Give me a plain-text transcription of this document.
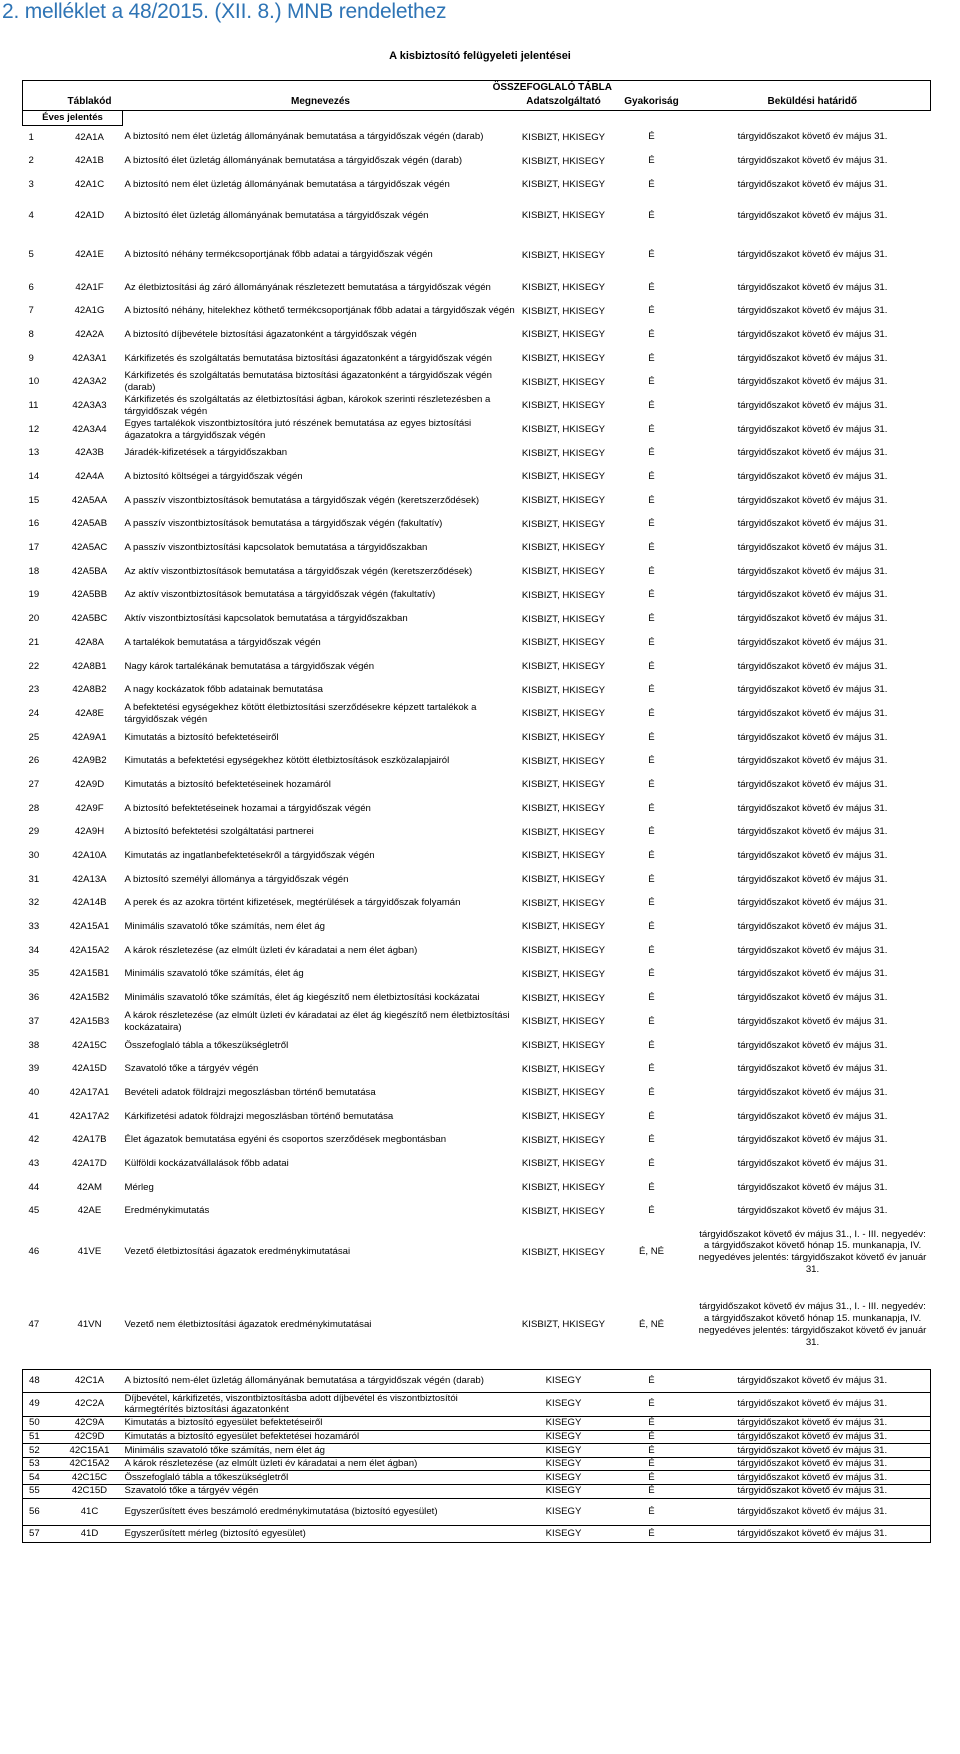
2. melléklet a 48/2015. (XII. 8.) MNB rendelethez
A kisbiztosító felügyeleti jelentései
ÖSSZEFOGLALÓ TÁBLA					
	Táblakód	Megnevezés	Adatszolgáltató	Gyakoriság	Beküldési határidő
Éves jelentés					
1	42A1A	A biztosító nem élet üzletág állományának bemutatása a tárgyidőszak végén (darab)	KISBIZT, HKISEGY	É	tárgyidőszakot követő év május 31.
2	42A1B	A biztosító élet üzletág állományának bemutatása a tárgyidőszak végén (darab)	KISBIZT, HKISEGY	É	tárgyidőszakot követő év május 31.
3	42A1C	A biztosító nem élet üzletág állományának bemutatása a tárgyidőszak végén	KISBIZT, HKISEGY	É	tárgyidőszakot követő év május 31.
4	42A1D	A biztosító élet üzletág állományának bemutatása a tárgyidőszak végén	KISBIZT, HKISEGY	É	tárgyidőszakot követő év május 31.
5	42A1E	A biztosító néhány termékcsoportjának főbb adatai a tárgyidőszak végén	KISBIZT, HKISEGY	É	tárgyidőszakot követő év május 31.
6	42A1F	Az életbiztosítási ág záró állományának részletezett bemutatása a tárgyidőszak végén	KISBIZT, HKISEGY	É	tárgyidőszakot követő év május 31.
7	42A1G	A biztosító néhány, hitelekhez köthető termékcsoportjának főbb adatai a tárgyidőszak végén	KISBIZT, HKISEGY	É	tárgyidőszakot követő év május 31.
8	42A2A	A biztosító díjbevétele biztosítási ágazatonként a tárgyidőszak végén	KISBIZT, HKISEGY	É	tárgyidőszakot követő év május 31.
9	42A3A1	Kárkifizetés és szolgáltatás bemutatása biztosítási ágazatonként a tárgyidőszak végén	KISBIZT, HKISEGY	É	tárgyidőszakot követő év május 31.
10	42A3A2	Kárkifizetés és szolgáltatás bemutatása biztosítási ágazatonként a tárgyidőszak végén (darab)	KISBIZT, HKISEGY	É	tárgyidőszakot követő év május 31.
11	42A3A3	Kárkifizetés és szolgáltatás az életbiztosítási ágban, károkok szerinti részletezésben a tárgyidőszak végén	KISBIZT, HKISEGY	É	tárgyidőszakot követő év május 31.
12	42A3A4	Egyes tartalékok viszontbiztosítóra jutó részének bemutatása az egyes biztosítási ágazatokra a tárgyidőszak végén	KISBIZT, HKISEGY	É	tárgyidőszakot követő év május 31.
13	42A3B	Járadék-kifizetések a tárgyidőszakban	KISBIZT, HKISEGY	É	tárgyidőszakot követő év május 31.
14	42A4A	A biztosító költségei a tárgyidőszak végén	KISBIZT, HKISEGY	É	tárgyidőszakot követő év május 31.
15	42A5AA	A passzív viszontbiztosítások bemutatása a tárgyidőszak végén (keretszerződések)	KISBIZT, HKISEGY	É	tárgyidőszakot követő év május 31.
16	42A5AB	A passzív viszontbiztosítások bemutatása a tárgyidőszak végén (fakultatív)	KISBIZT, HKISEGY	É	tárgyidőszakot követő év május 31.
17	42A5AC	A passzív viszontbiztosítási kapcsolatok bemutatása a tárgyidőszakban	KISBIZT, HKISEGY	É	tárgyidőszakot követő év május 31.
18	42A5BA	Az aktív viszontbiztosítások bemutatása a tárgyidőszak végén (keretszerződések)	KISBIZT, HKISEGY	É	tárgyidőszakot követő év május 31.
19	42A5BB	Az aktív viszontbiztosítások bemutatása a tárgyidőszak végén (fakultatív)	KISBIZT, HKISEGY	É	tárgyidőszakot követő év május 31.
20	42A5BC	Aktív viszontbiztosítási kapcsolatok bemutatása a tárgyidőszakban	KISBIZT, HKISEGY	É	tárgyidőszakot követő év május 31.
21	42A8A	A tartalékok bemutatása a tárgyidőszak végén	KISBIZT, HKISEGY	É	tárgyidőszakot követő év május 31.
22	42A8B1	Nagy károk tartalékának bemutatása a tárgyidőszak végén	KISBIZT, HKISEGY	É	tárgyidőszakot követő év május 31.
23	42A8B2	A nagy kockázatok főbb adatainak bemutatása	KISBIZT, HKISEGY	É	tárgyidőszakot követő év május 31.
24	42A8E	A befektetési egységekhez kötött életbiztosítási szerződésekre képzett tartalékok a tárgyidőszak végén	KISBIZT, HKISEGY	É	tárgyidőszakot követő év május 31.
25	42A9A1	Kimutatás a biztosító befektetéseiről	KISBIZT, HKISEGY	É	tárgyidőszakot követő év május 31.
26	42A9B2	Kimutatás a befektetési egységekhez kötött életbiztosítások eszközalapjairól	KISBIZT, HKISEGY	É	tárgyidőszakot követő év május 31.
27	42A9D	Kimutatás a biztosító befektetéseinek hozamáról	KISBIZT, HKISEGY	É	tárgyidőszakot követő év május 31.
28	42A9F	A biztosító befektetéseinek hozamai a tárgyidőszak végén	KISBIZT, HKISEGY	É	tárgyidőszakot követő év május 31.
29	42A9H	A biztosító befektetési szolgáltatási partnerei	KISBIZT, HKISEGY	É	tárgyidőszakot követő év május 31.
30	42A10A	Kimutatás az ingatlanbefektetésekről a tárgyidőszak végén	KISBIZT, HKISEGY	É	tárgyidőszakot követő év május 31.
31	42A13A	A biztosító személyi állománya a tárgyidőszak végén	KISBIZT, HKISEGY	É	tárgyidőszakot követő év május 31.
32	42A14B	A perek és az azokra történt kifizetések, megtérülések a tárgyidőszak folyamán	KISBIZT, HKISEGY	É	tárgyidőszakot követő év május 31.
33	42A15A1	Minimális szavatoló tőke számítás, nem élet ág	KISBIZT, HKISEGY	É	tárgyidőszakot követő év május 31.
34	42A15A2	A károk részletezése (az elmúlt üzleti év káradatai a nem élet ágban)	KISBIZT, HKISEGY	É	tárgyidőszakot követő év május 31.
35	42A15B1	Minimális szavatoló tőke számítás, élet ág	KISBIZT, HKISEGY	É	tárgyidőszakot követő év május 31.
36	42A15B2	Minimális szavatoló tőke számítás, élet ág kiegészítő nem életbiztosítási kockázatai	KISBIZT, HKISEGY	É	tárgyidőszakot követő év május 31.
37	42A15B3	A károk részletezése (az elmúlt üzleti év káradatai az élet ág kiegészítő nem életbiztosítási kockázataira)	KISBIZT, HKISEGY	É	tárgyidőszakot követő év május 31.
38	42A15C	Összefoglaló tábla a tőkeszükségletről	KISBIZT, HKISEGY	É	tárgyidőszakot követő év május 31.
39	42A15D	Szavatoló tőke a tárgyév végén	KISBIZT, HKISEGY	É	tárgyidőszakot követő év május 31.
40	42A17A1	Bevételi adatok földrajzi megoszlásban történő bemutatása	KISBIZT, HKISEGY	É	tárgyidőszakot követő év május 31.
41	42A17A2	Kárkifizetési adatok földrajzi megoszlásban történő bemutatása	KISBIZT, HKISEGY	É	tárgyidőszakot követő év május 31.
42	42A17B	Élet ágazatok bemutatása egyéni és csoportos szerződések megbontásban	KISBIZT, HKISEGY	É	tárgyidőszakot követő év május 31.
43	42A17D	Külföldi kockázatvállalások főbb adatai	KISBIZT, HKISEGY	É	tárgyidőszakot követő év május 31.
44	42AM	Mérleg	KISBIZT, HKISEGY	É	tárgyidőszakot követő év május 31.
45	42AE	Eredménykimutatás	KISBIZT, HKISEGY	É	tárgyidőszakot követő év május 31.
46	41VE	Vezető életbiztosítási ágazatok eredménykimutatásai	KISBIZT, HKISEGY	É, NÉ	tárgyidőszakot követő év május 31., I. - III. negyedév: a tárgyidőszakot követő hónap 15. munkanapja, IV. negyedéves jelentés: tárgyidőszakot követő év január 31.
47	41VN	Vezető nem életbiztosítási ágazatok eredménykimutatásai	KISBIZT, HKISEGY	É, NÉ	tárgyidőszakot követő év május 31., I. - III. negyedév: a tárgyidőszakot követő hónap 15. munkanapja, IV. negyedéves jelentés: tárgyidőszakot követő év január 31.
48	42C1A	A biztosító nem-élet üzletág állományának bemutatása a tárgyidőszak végén (darab)	KISEGY	É	tárgyidőszakot követő év május 31.
49	42C2A	Díjbevétel, kárkifizetés, viszontbiztosításba adott díjbevétel és viszontbiztosítói kármegtérítés biztosítási ágazatonként	KISEGY	É	tárgyidőszakot követő év május 31.
50	42C9A	Kimutatás a biztosító egyesület befektetéseiről	KISEGY	É	tárgyidőszakot követő év május 31.
51	42C9D	Kimutatás a biztosító egyesület befektetései hozamáról	KISEGY	É	tárgyidőszakot követő év május 31.
52	42C15A1	Minimális szavatoló tőke számítás, nem élet ág	KISEGY	É	tárgyidőszakot követő év május 31.
53	42C15A2	A károk részletezése (az elmúlt üzleti év káradatai a nem élet ágban)	KISEGY	É	tárgyidőszakot követő év május 31.
54	42C15C	Összefoglaló tábla a tőkeszükségletről	KISEGY	É	tárgyidőszakot követő év május 31.
55	42C15D	Szavatoló tőke a tárgyév végén	KISEGY	É	tárgyidőszakot követő év május 31.
56	41C	Egyszerűsített éves beszámoló eredménykimutatása (biztosító egyesület)	KISEGY	É	tárgyidőszakot követő év május 31.
57	41D	Egyszerűsített mérleg (biztosító egyesület)	KISEGY	É	tárgyidőszakot követő év május 31.
